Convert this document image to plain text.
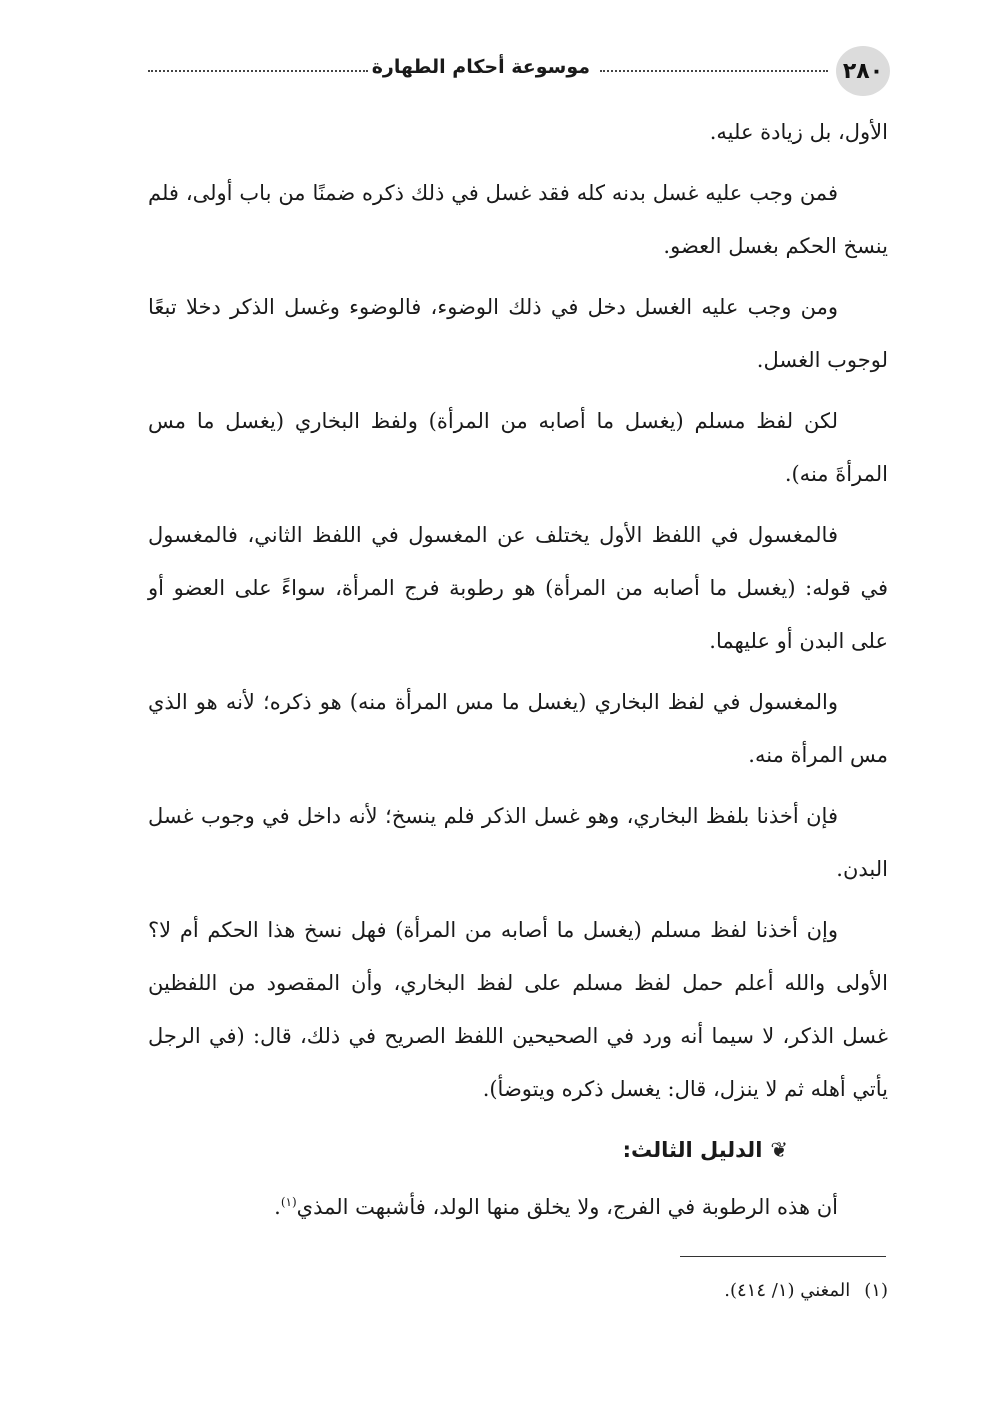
٢٨٠
موسوعة أحكام الطهارة

الأول، بل زيادة عليه.

فمن وجب عليه غسل بدنه كله فقد غسل في ذلك ذكره ضمنًا من باب أولى، فلم ينسخ الحكم بغسل العضو.

ومن وجب عليه الغسل دخل في ذلك الوضوء، فالوضوء وغسل الذكر دخلا تبعًا لوجوب الغسل.

لكن لفظ مسلم (يغسل ما أصابه من المرأة) ولفظ البخاري (يغسل ما مس المرأةَ منه).

فالمغسول في اللفظ الأول يختلف عن المغسول في اللفظ الثاني، فالمغسول في قوله: (يغسل ما أصابه من المرأة) هو رطوبة فرج المرأة، سواءً على العضو أو على البدن أو عليهما.

والمغسول في لفظ البخاري (يغسل ما مس المرأة منه) هو ذكره؛ لأنه هو الذي مس المرأة منه.

فإن أخذنا بلفظ البخاري، وهو غسل الذكر فلم ينسخ؛ لأنه داخل في وجوب غسل البدن.

وإن أخذنا لفظ مسلم (يغسل ما أصابه من المرأة) فهل نسخ هذا الحكم أم لا؟ الأولى والله أعلم حمل لفظ مسلم على لفظ البخاري، وأن المقصود من اللفظين غسل الذكر، لا سيما أنه ورد في الصحيحين اللفظ الصريح في ذلك، قال: (في الرجل يأتي أهله ثم لا ينزل، قال: يغسل ذكره ويتوضأ).

❦الدليل الثالث:

أن هذه الرطوبة في الفرج، ولا يخلق منها الولد، فأشبهت المذي$^{(١)}$.

(١)المغني (١/ ٤١٤).
